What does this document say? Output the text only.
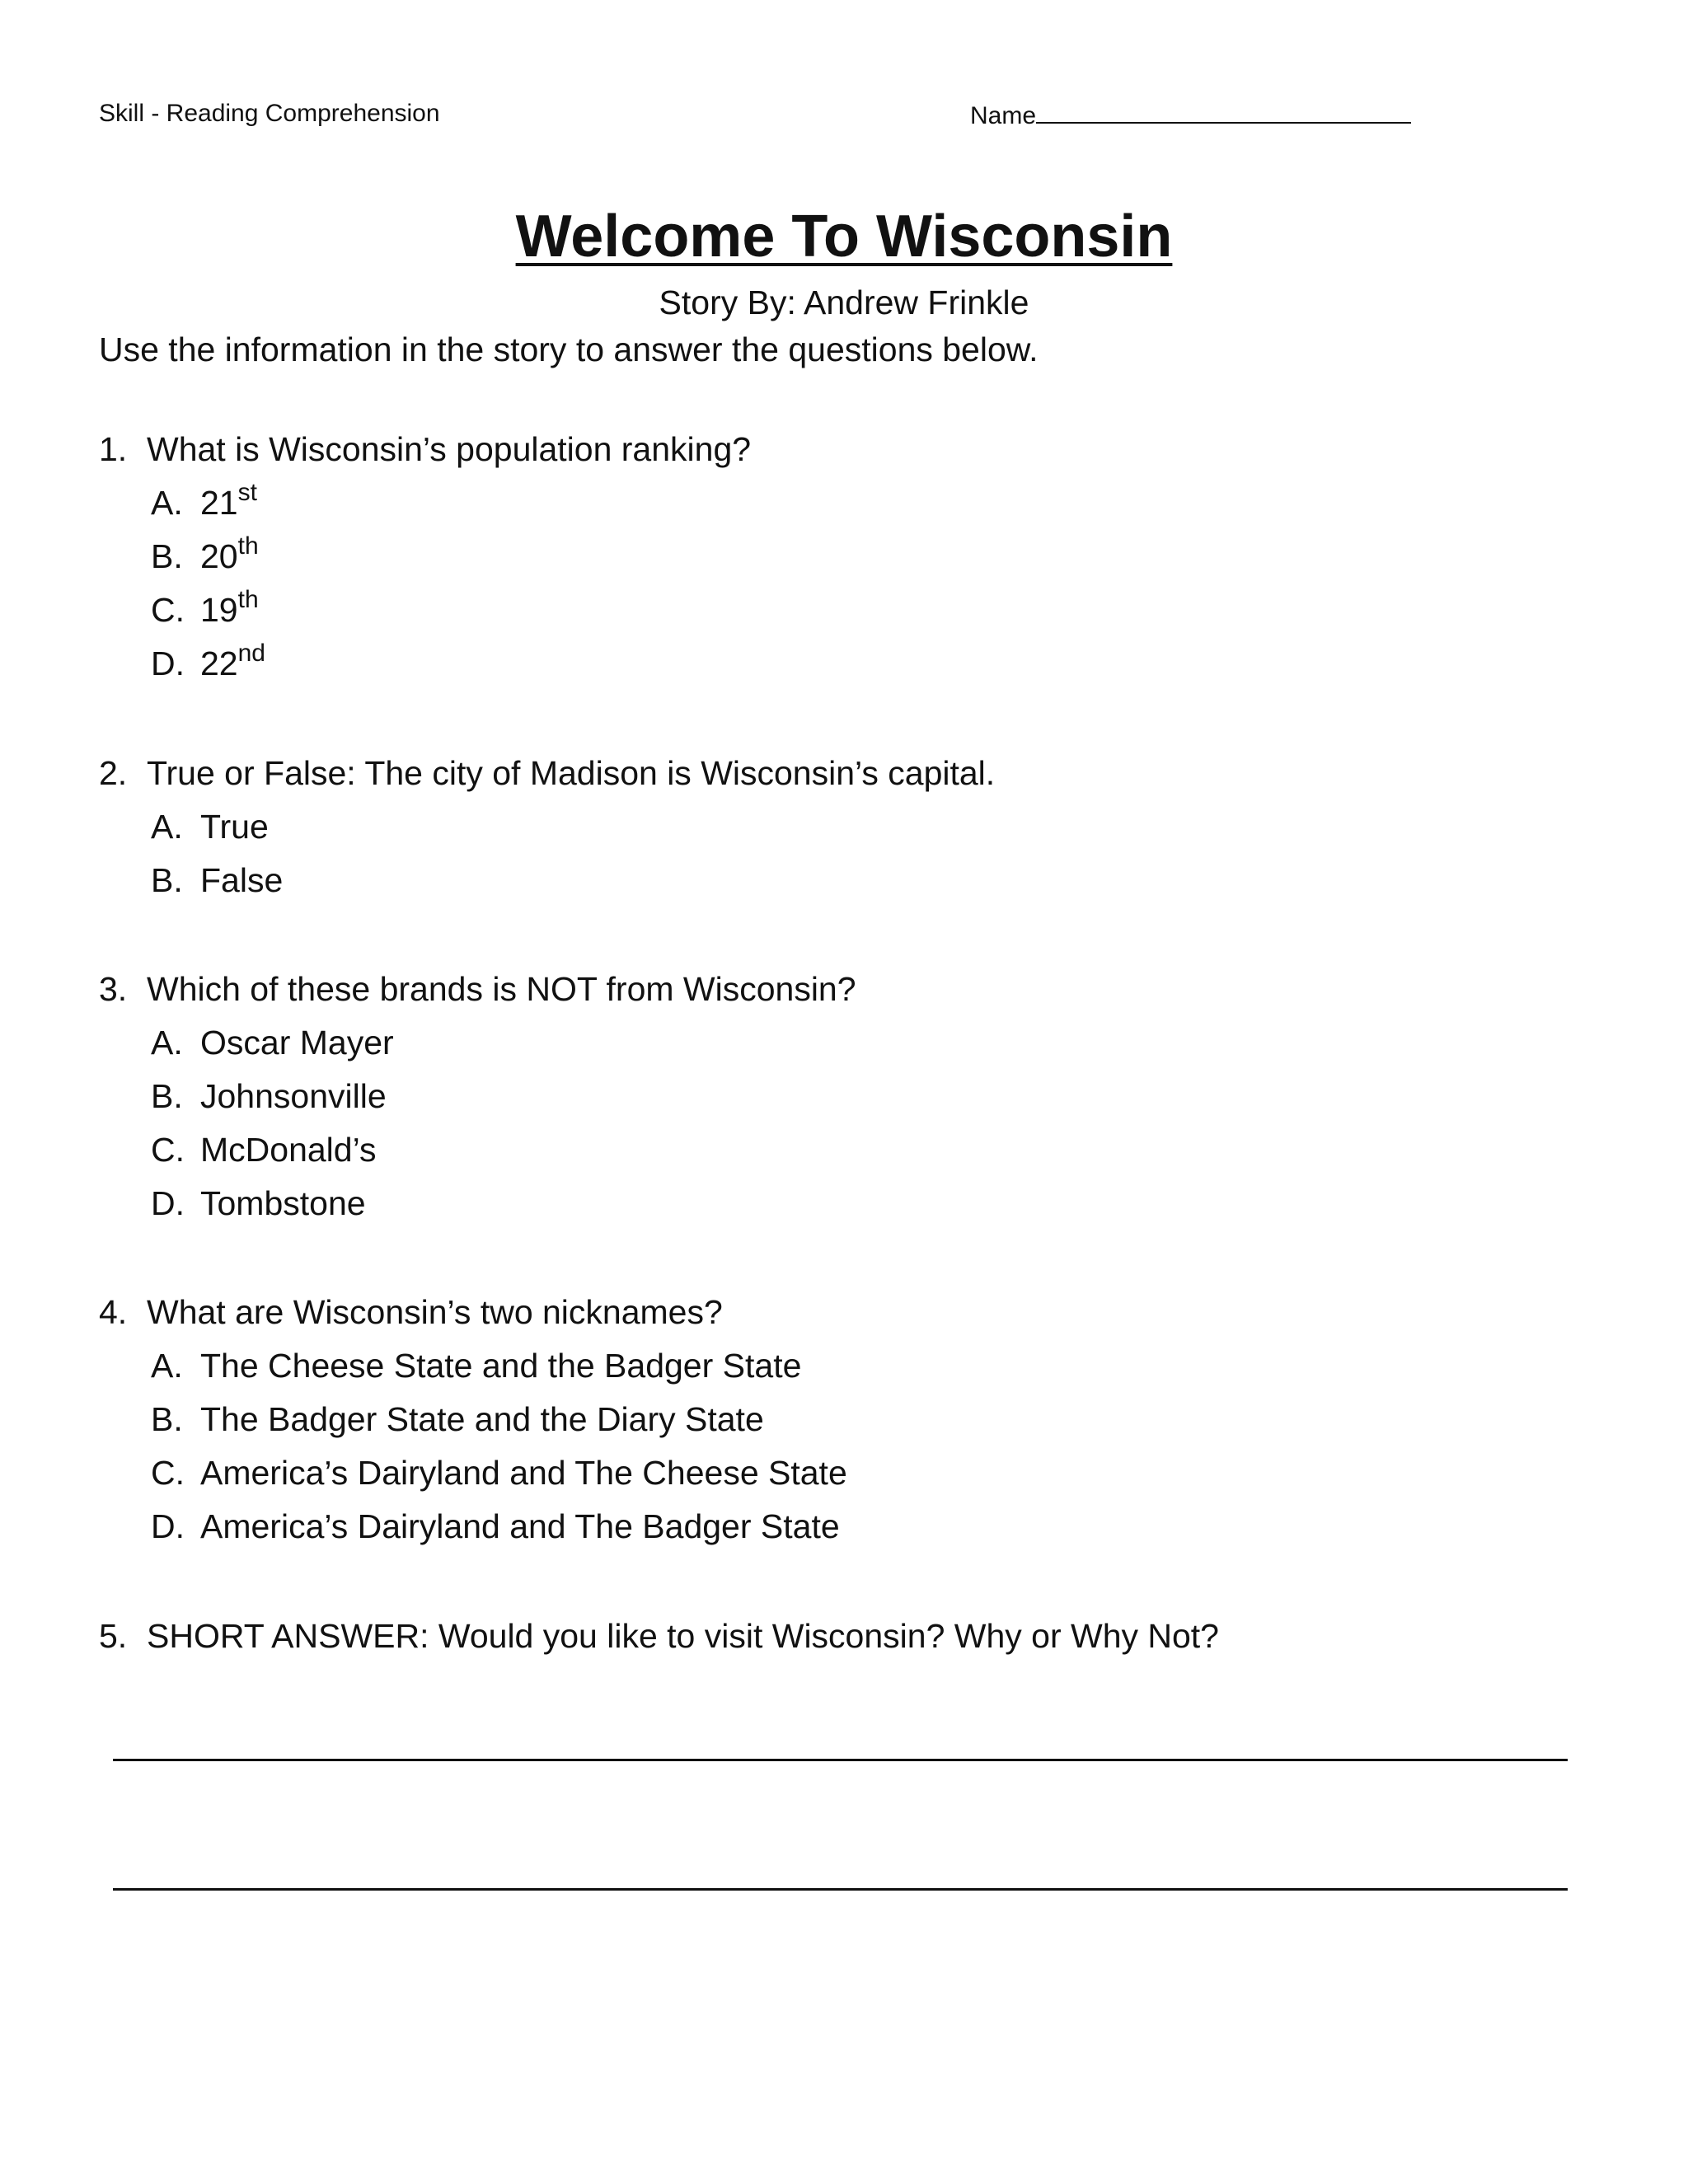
Skill - Reading Comprehension	Name
Welcome To Wisconsin
Story By: Andrew Frinkle
Use the information in the story to answer the questions below.
1. What is Wisconsin’s population ranking?
A. 21st
B. 20th
C. 19th
D. 22nd
2. True or False: The city of Madison is Wisconsin’s capital.
A. True
B. False
3. Which of these brands is NOT from Wisconsin?
A. Oscar Mayer
B. Johnsonville
C. McDonald’s
D. Tombstone
4. What are Wisconsin’s two nicknames?
A. The Cheese State and the Badger State
B. The Badger State and the Diary State
C. America’s Dairyland and The Cheese State
D. America’s Dairyland and The Badger State
5. SHORT ANSWER: Would you like to visit Wisconsin? Why or Why Not?
